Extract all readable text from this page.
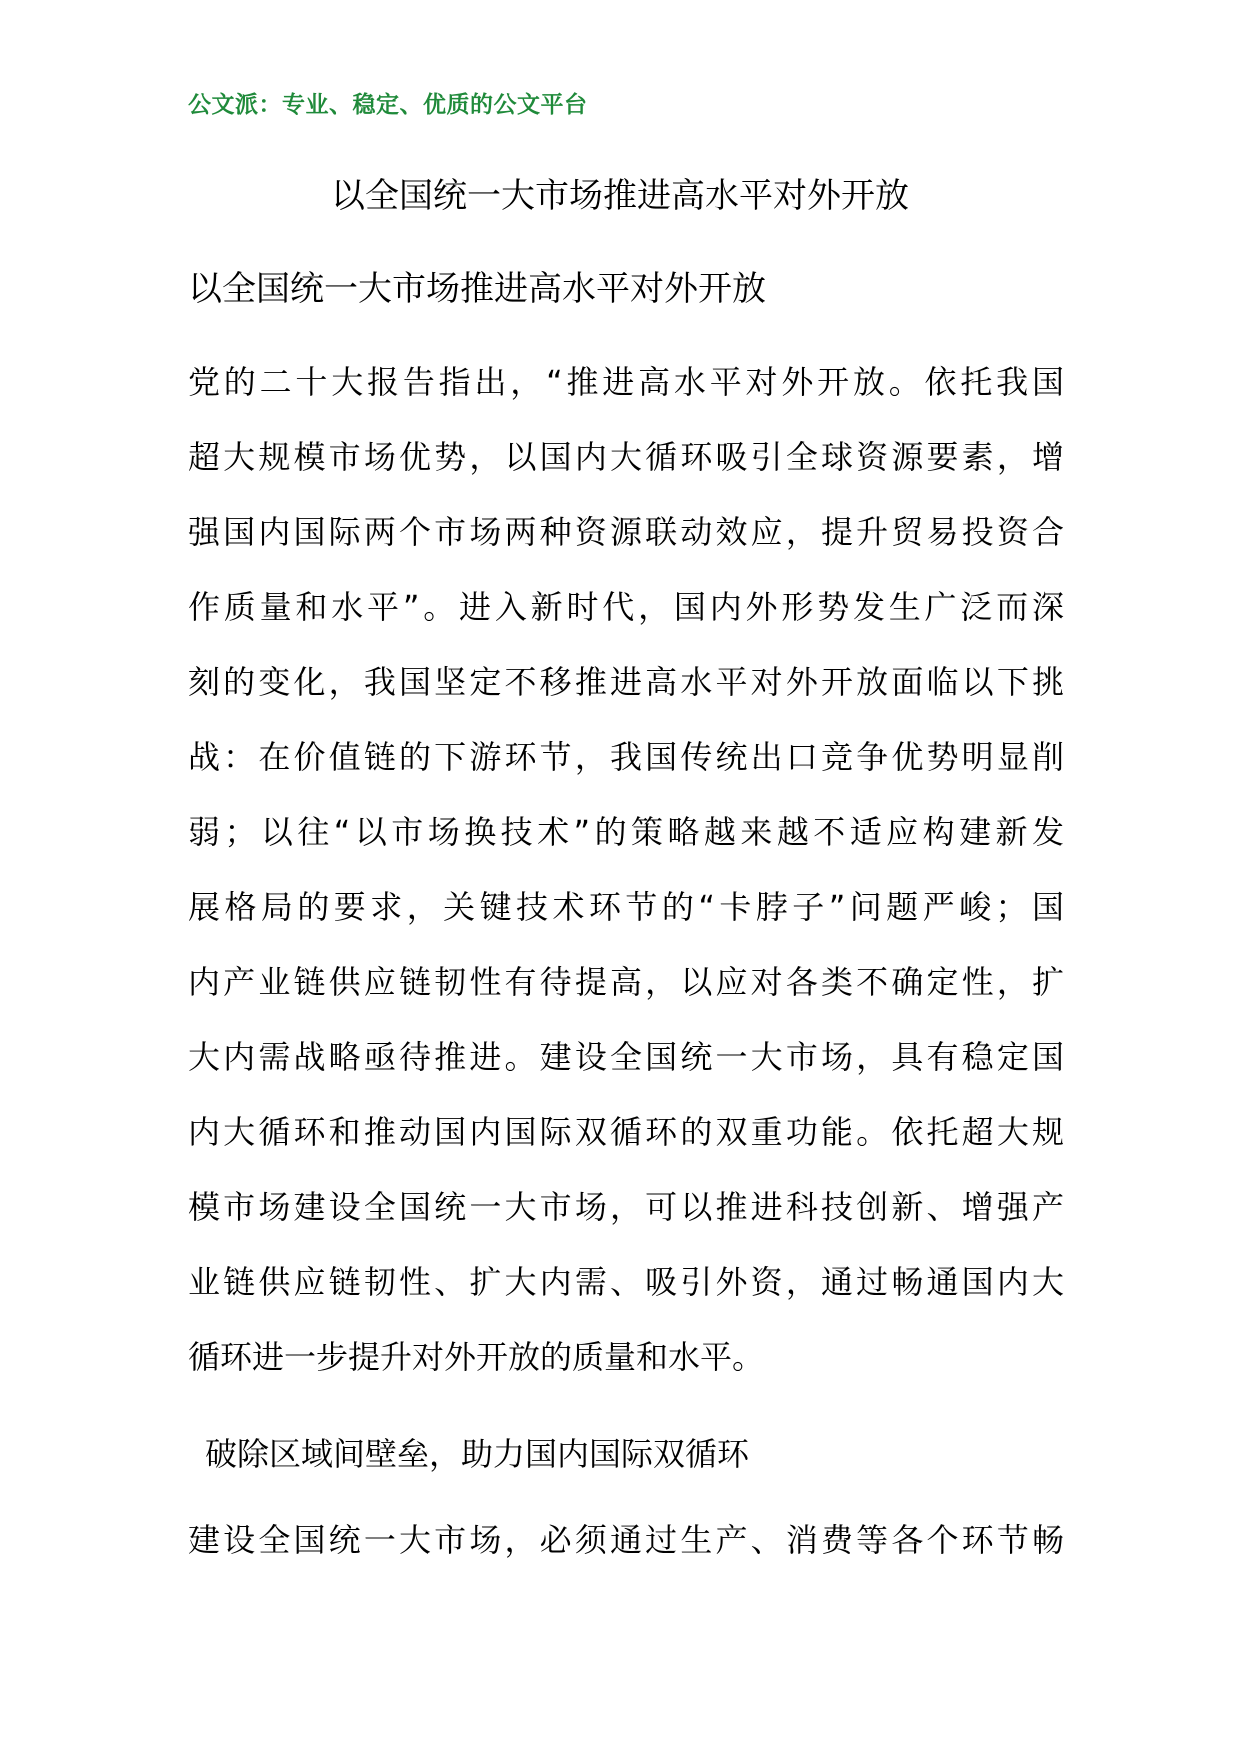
公文派：专业、稳定、优质的公文平台
以全国统一大市场推进高水平对外开放
以全国统一大市场推进高水平对外开放
党的二十大报告指出，“推进高水平对外开放。依托我国
超大规模市场优势，以国内大循环吸引全球资源要素，增
强国内国际两个市场两种资源联动效应，提升贸易投资合
作质量和水平”。进入新时代，国内外形势发生广泛而深
刻的变化，我国坚定不移推进高水平对外开放面临以下挑
战：在价值链的下游环节，我国传统出口竞争优势明显削
弱；以往“以市场换技术”的策略越来越不适应构建新发
展格局的要求，关键技术环节的“卡脖子”问题严峻；国
内产业链供应链韧性有待提高，以应对各类不确定性，扩
大内需战略亟待推进。建设全国统一大市场，具有稳定国
内大循环和推动国内国际双循环的双重功能。依托超大规
模市场建设全国统一大市场，可以推进科技创新、增强产
业链供应链韧性、扩大内需、吸引外资，通过畅通国内大
循环进一步提升对外开放的质量和水平。
破除区域间壁垒，助力国内国际双循环
建设全国统一大市场，必须通过生产、消费等各个环节畅
